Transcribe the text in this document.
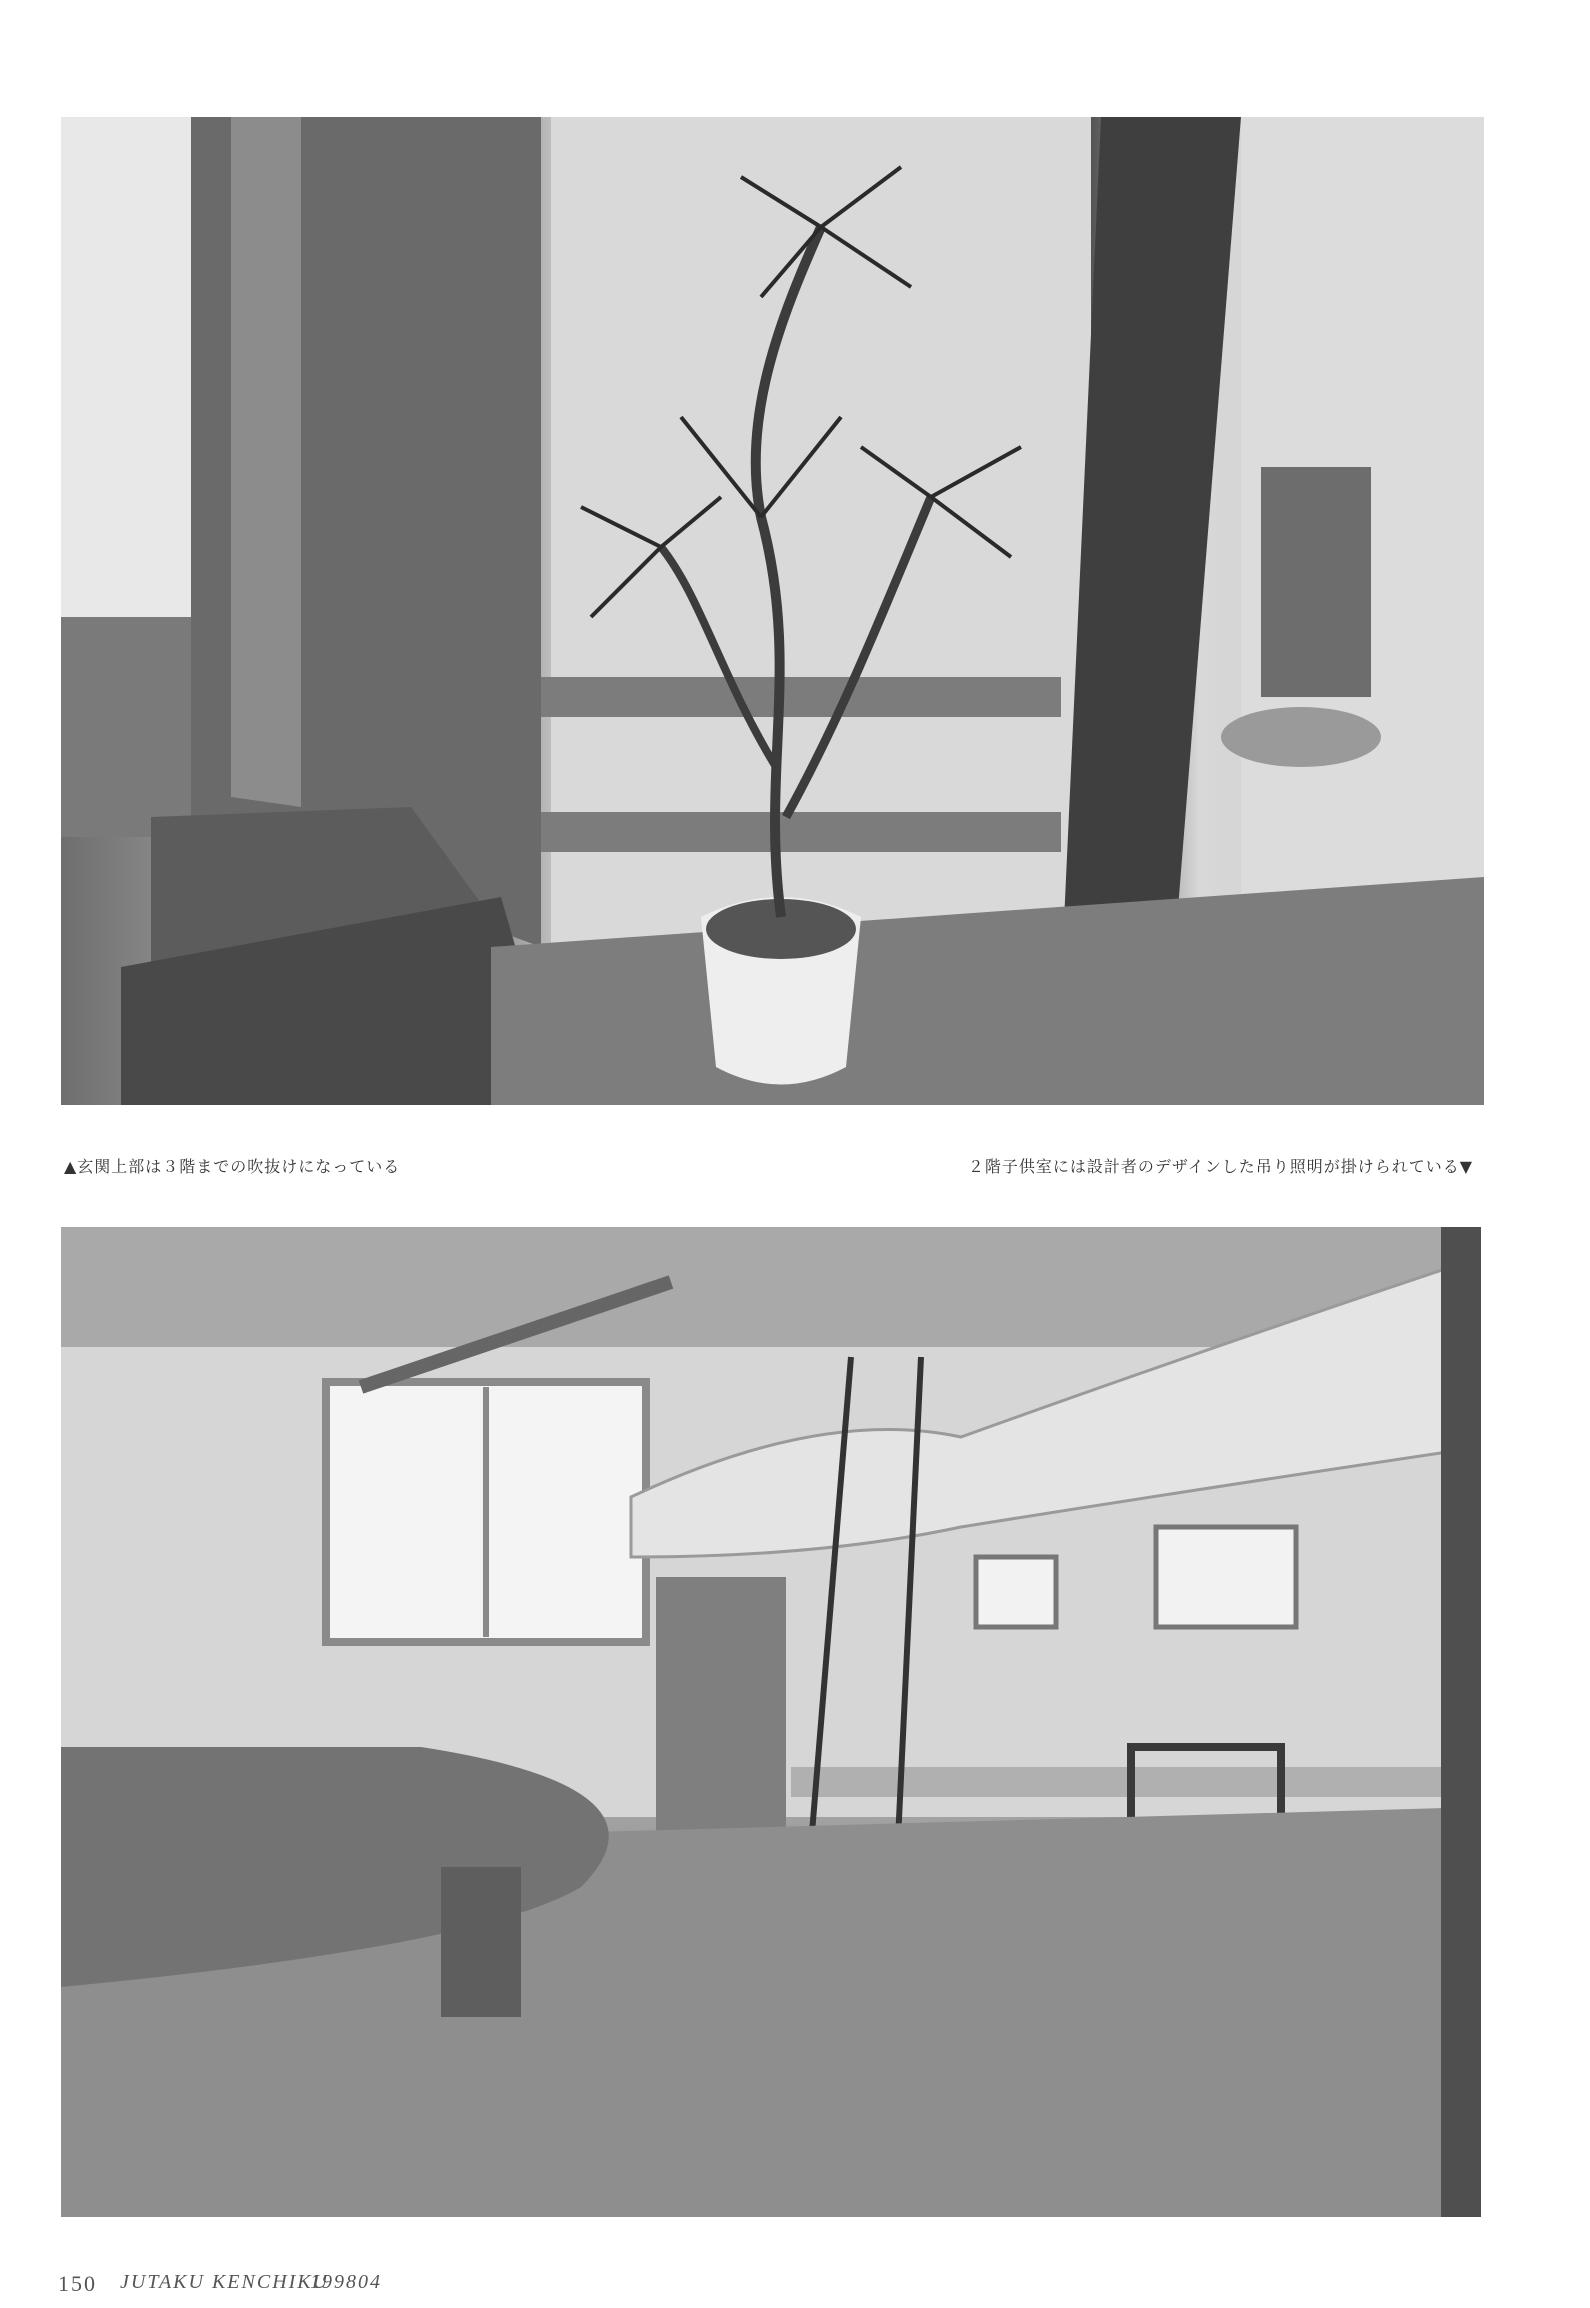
▲玄関上部は３階までの吹抜けになっている	２階子供室には設計者のデザインした吊り照明が掛けられている▼
150 JUTAKU KENCHIKU
199804
